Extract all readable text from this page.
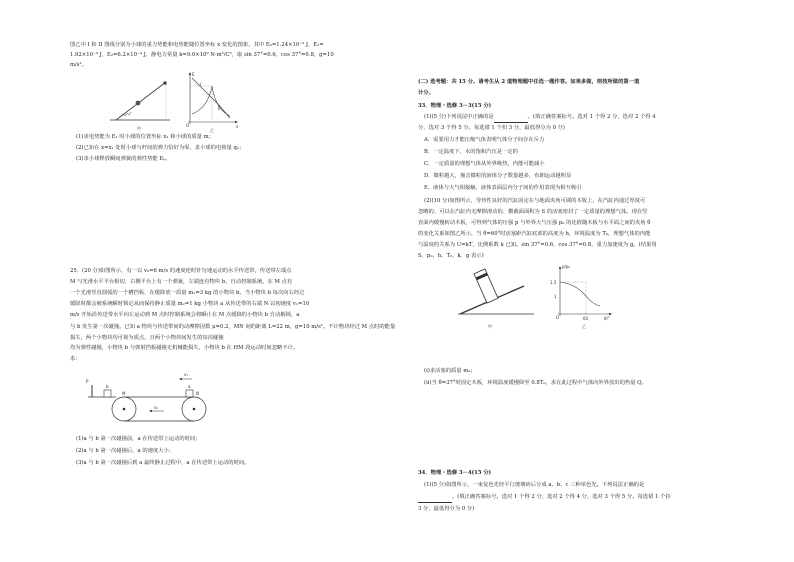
图乙中 I 和 II 图线分别为小球的重力势能和电势能随位置坐标 x 变化的图象，其中 E₀=1.24×10⁻³ J，E₁=
1.92×10⁻³ J，E₂=6.2×10⁻⁴ J，静电力常量 k=9.0×10⁹ N·m²/C²，取 sin 37°=0.6，cos 37°=0.8，g=10
m/s²。
甲
E
x
O
I
II
乙
(1)求电势能为 E₁ 时小球的位置坐标 x₁ 和小球的质量 m；
(2)已知在 x=x₁ 处时小球与杆间的弹力恰好为零，求小球的电荷量 q₂；
(3)求小球释放瞬间弹簧的弹性势能 Eₚ。
25．(20 分)如图所示，有一以 v₀=6 m/s 的速度逆时针匀速运动的水平传送带，传送带左端点
M 与光滑水平平台相切，右侧平台上有一个弹簧，左端连有物块 b，自动控制系统。在 M 点有
一个光滑竖直圆弧的一个槽挡板，在缓降放一质量 m₁=3 kg 的小物块 b。当小物块 b 每次向右经过
缓降时都会被系统瞬时锁定从而保持静止质量 m₂=1 kg 小物块 a 从传送带的右端 N 以初速度 v₁=10
m/s 开始沿传送带水平向左运动到 M 点时控制系统会将瞬止在 M 点缓降的小物块 b 自动解锁，a
与 b 发生第一次碰撞。已知 a 物块与传送带间的动摩擦因数 μ=0.2，MN 间的距离 L=22 m，g=10 m/s²。不计物块经过 M 点时的能量损失，两个小物块均可视为质点，且两个小物块间发生的每次碰撞
均为弹性碰撞，小物块 b 与弹射挡板碰撞无机械能损失，小物块 b 在 HM 段运动时间忽略不计。
求：
P
b
M	N
a
v₁
v₀
(1)a 与 b 第一次碰撞前，a 在传送带上运动的时间；
(2)a 与 b 第一次碰撞后，a 的速度大小；
(3)a 与 b 第一次碰撞后到 a 最终静止过程中，a 在传送带上运动的时间。
(二) 选考题：共 15 分。请考生从 2 道物理题中任选一题作答。如果多做，则按所做的第一道
计分。
33．物理・选修 3－3(15 分)
(1)(5 分)下列说法中正确的是	。(填正确答案标号。选对 1 个得 2 分，选对 2 个得 4
分，选对 3 个得 5 分。每选错 1 个扣 3 分，最低得分为 0 分)
A．需要用力才能压缩气体表明气体分子间存在斥力
B．一定温度下，水的饱和汽压是一定的
C．一定质量的理想气体从外界吸热，内能可能减小
D．微粒越大，撞击微粒的液体分子数量越多，布朗运动越明显
E．液体与大气相接触，液体表面层内分子间的作用表现为相互吸引
(2)(10 分)如图所示，导热性良好的汽缸固定在与地面夹角可调的木板上，在汽缸内通过厚度可
忽略的、可以在汽缸内无摩擦滑动的、横截面面积为 S 的活塞密封了一定质量的理想气体。现在竖
直面内缓慢转动木板，可得到气体的压强 p 与外界大气压强 p₀ 的比值随木板与水平面之间的夹角 θ
的变化关系如图乙所示，当 θ=60°时活塞距汽缸底部的高度为 h，环境温度为 T₀，理想气体的内能
与温度的关系为 U=kT，比例系数 k 已知。sin 37°=0.6，cos 37°=0.8，重力加速度为 g。(结果用
S、p₀、h、T₀、k、g 表示)
甲
p/p₀
θ/°
1.5
1
60
O
乙
(i)求活塞的质量 m₀；
(ii)当 θ=37°时固定木板，环境温度缓慢降至 0.8T₀，求在此过程中气体向外界放出的热量 Q。
34．物理・选修 3－4(15 分)
(1)(5 分)如图所示，一束复色光经平行玻璃砖后分成 a、b、c 三种单色光。下列说法正确的是
。(填正确答案标号。选对 1 个得 2 分，选对 2 个得 4 分，选对 3 个得 5 分。每选错 1 个扣
3 分，最低得分为 0 分)
